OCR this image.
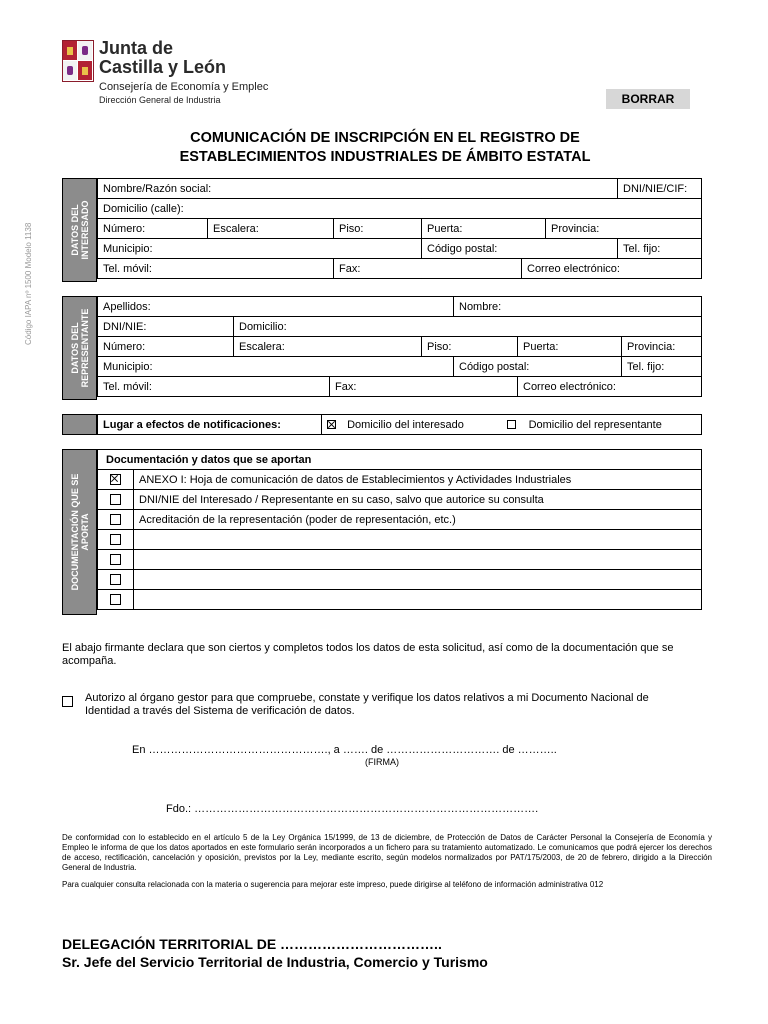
Junta de
Castilla y León
Consejería de Economía y Emplec
Dirección General de Industria	BORRAR
COMUNICACIÓN DE INSCRIPCIÓN EN EL REGISTRO DE
ESTABLECIMIENTOS INDUSTRIALES DE ÁMBITO ESTATAL
Código IAPA nº 1500 Modelo 1138	DATOS DEL INTERESADO
Nombre/Razón social:						DNI/NIE/CIF:
Domicilio (calle):						
Número:	Escalera:	Piso:	Puerta:		Provincia:	
Municipio:			Código postal:			Tel. fijo:
Tel. móvil:		Fax:		Correo electrónico:		
DATOS DEL REPRESENTANTE
Apellidos:				Nombre:		
DNI/NIE:	Domicilio:					
Número:	Escalera:		Piso:		Puerta:	Provincia:
Municipio:				Código postal:		Tel. fijo:
Tel. móvil:		Fax:			Correo electrónico:	
Lugar a efectos de notificaciones:	Domicilio del interesado	Domicilio del representante
DOCUMENTACIÓN QUE SE APORTA
Documentación y datos que se aportan	
	ANEXO I: Hoja de comunicación de datos de Establecimientos y Actividades Industriales
	DNI/NIE del Interesado / Representante en su caso, salvo que autorice su consulta
	Acreditación de la representación (poder de representación, etc.)

El abajo firmante declara que son ciertos y completos todos los datos de esta solicitud, así como de la documentación que se acompaña.
Autorizo al órgano gestor para que compruebe, constate y verifique los datos relativos a mi Documento Nacional de
Identidad a través del Sistema de verificación de datos.
En …………………………………………., a ……. de …………………………. de ………..
(FIRMA)
Fdo.: ………………………………………………………………………………….
De conformidad con lo establecido en el artículo 5 de la Ley Orgánica 15/1999, de 13 de diciembre, de Protección de Datos de Carácter Personal la Consejería de Economía y Empleo le informa de que los datos aportados en este formulario serán incorporados a un fichero para su tratamiento automatizado. Le comunicamos que podrá ejercer los derechos de acceso, rectificación, cancelación y oposición, previstos por la Ley, mediante escrito, según modelos normalizados por PAT/175/2003, de 20 de febrero, dirigido a la Dirección General de Industria.
Para cualquier consulta relacionada con la materia o sugerencia para mejorar este impreso, puede dirigirse al teléfono de información administrativa 012
DELEGACIÓN TERRITORIAL DE ……………………………..
Sr. Jefe del Servicio Territorial de Industria, Comercio y Turismo
